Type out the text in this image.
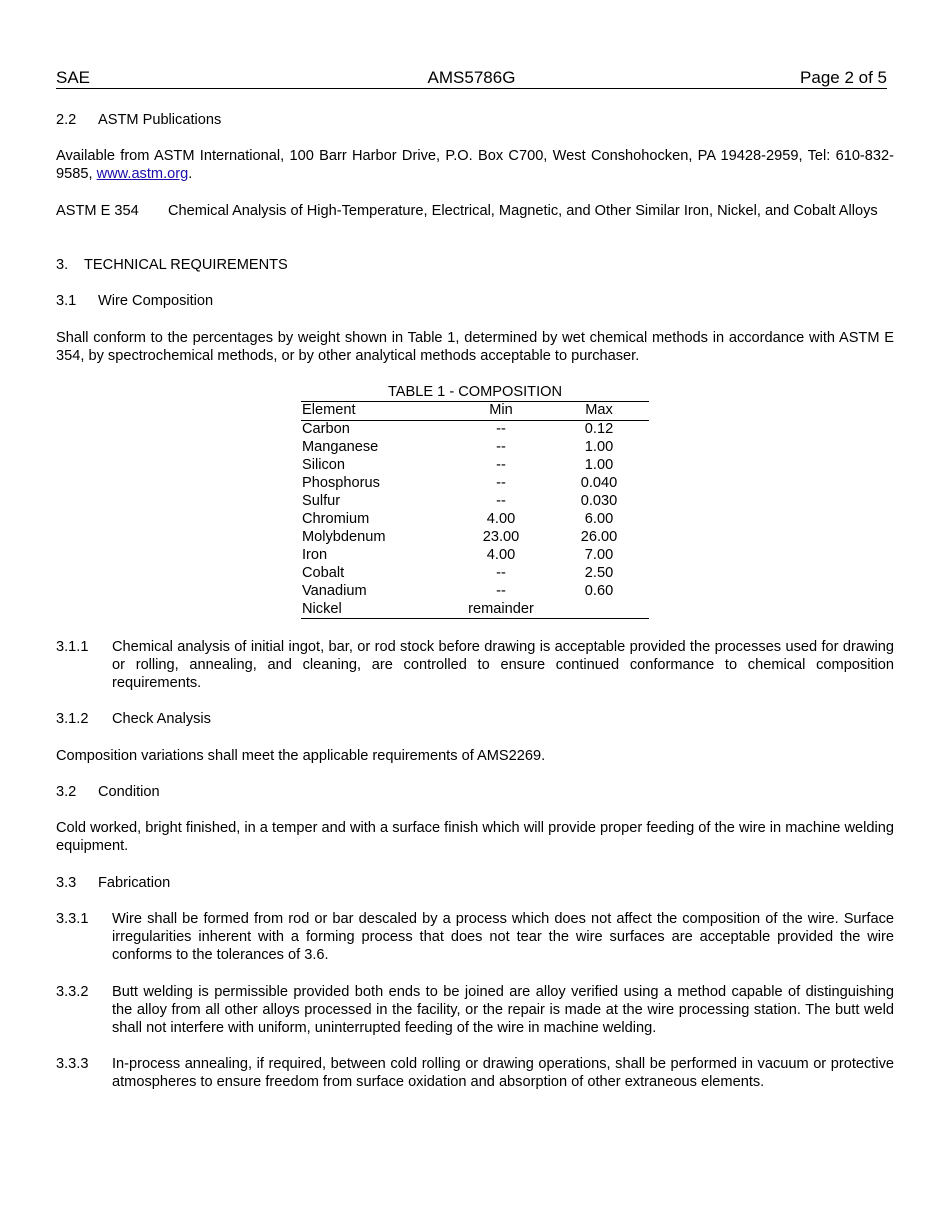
SAE	AMS5786G	Page 2 of 5
2.2 ASTM Publications
Available from ASTM International, 100 Barr Harbor Drive, P.O. Box C700, West Conshohocken, PA 19428-2959, Tel: 610-832-9585, www.astm.org.
ASTM E 354 Chemical Analysis of High-Temperature, Electrical, Magnetic, and Other Similar Iron, Nickel, and Cobalt Alloys
3. TECHNICAL REQUIREMENTS
3.1 Wire Composition
Shall conform to the percentages by weight shown in Table 1, determined by wet chemical methods in accordance with ASTM E 354, by spectrochemical methods, or by other analytical methods acceptable to purchaser.
TABLE 1 - COMPOSITION
Element	Min	Max
Carbon	--	0.12
Manganese	--	1.00
Silicon	--	1.00
Phosphorus	--	0.040
Sulfur	--	0.030
Chromium	4.00	6.00
Molybdenum	23.00	26.00
Iron	4.00	7.00
Cobalt	--	2.50
Vanadium	--	0.60
Nickel	remainder
3.1.1 Chemical analysis of initial ingot, bar, or rod stock before drawing is acceptable provided the processes used for drawing or rolling, annealing, and cleaning, are controlled to ensure continued conformance to chemical composition requirements.
3.1.2 Check Analysis
Composition variations shall meet the applicable requirements of AMS2269.
3.2 Condition
Cold worked, bright finished, in a temper and with a surface finish which will provide proper feeding of the wire in machine welding equipment.
3.3 Fabrication
3.3.1 Wire shall be formed from rod or bar descaled by a process which does not affect the composition of the wire. Surface irregularities inherent with a forming process that does not tear the wire surfaces are acceptable provided the wire conforms to the tolerances of 3.6.
3.3.2 Butt welding is permissible provided both ends to be joined are alloy verified using a method capable of distinguishing the alloy from all other alloys processed in the facility, or the repair is made at the wire processing station. The butt weld shall not interfere with uniform, uninterrupted feeding of the wire in machine welding.
3.3.3 In-process annealing, if required, between cold rolling or drawing operations, shall be performed in vacuum or protective atmospheres to ensure freedom from surface oxidation and absorption of other extraneous elements.
